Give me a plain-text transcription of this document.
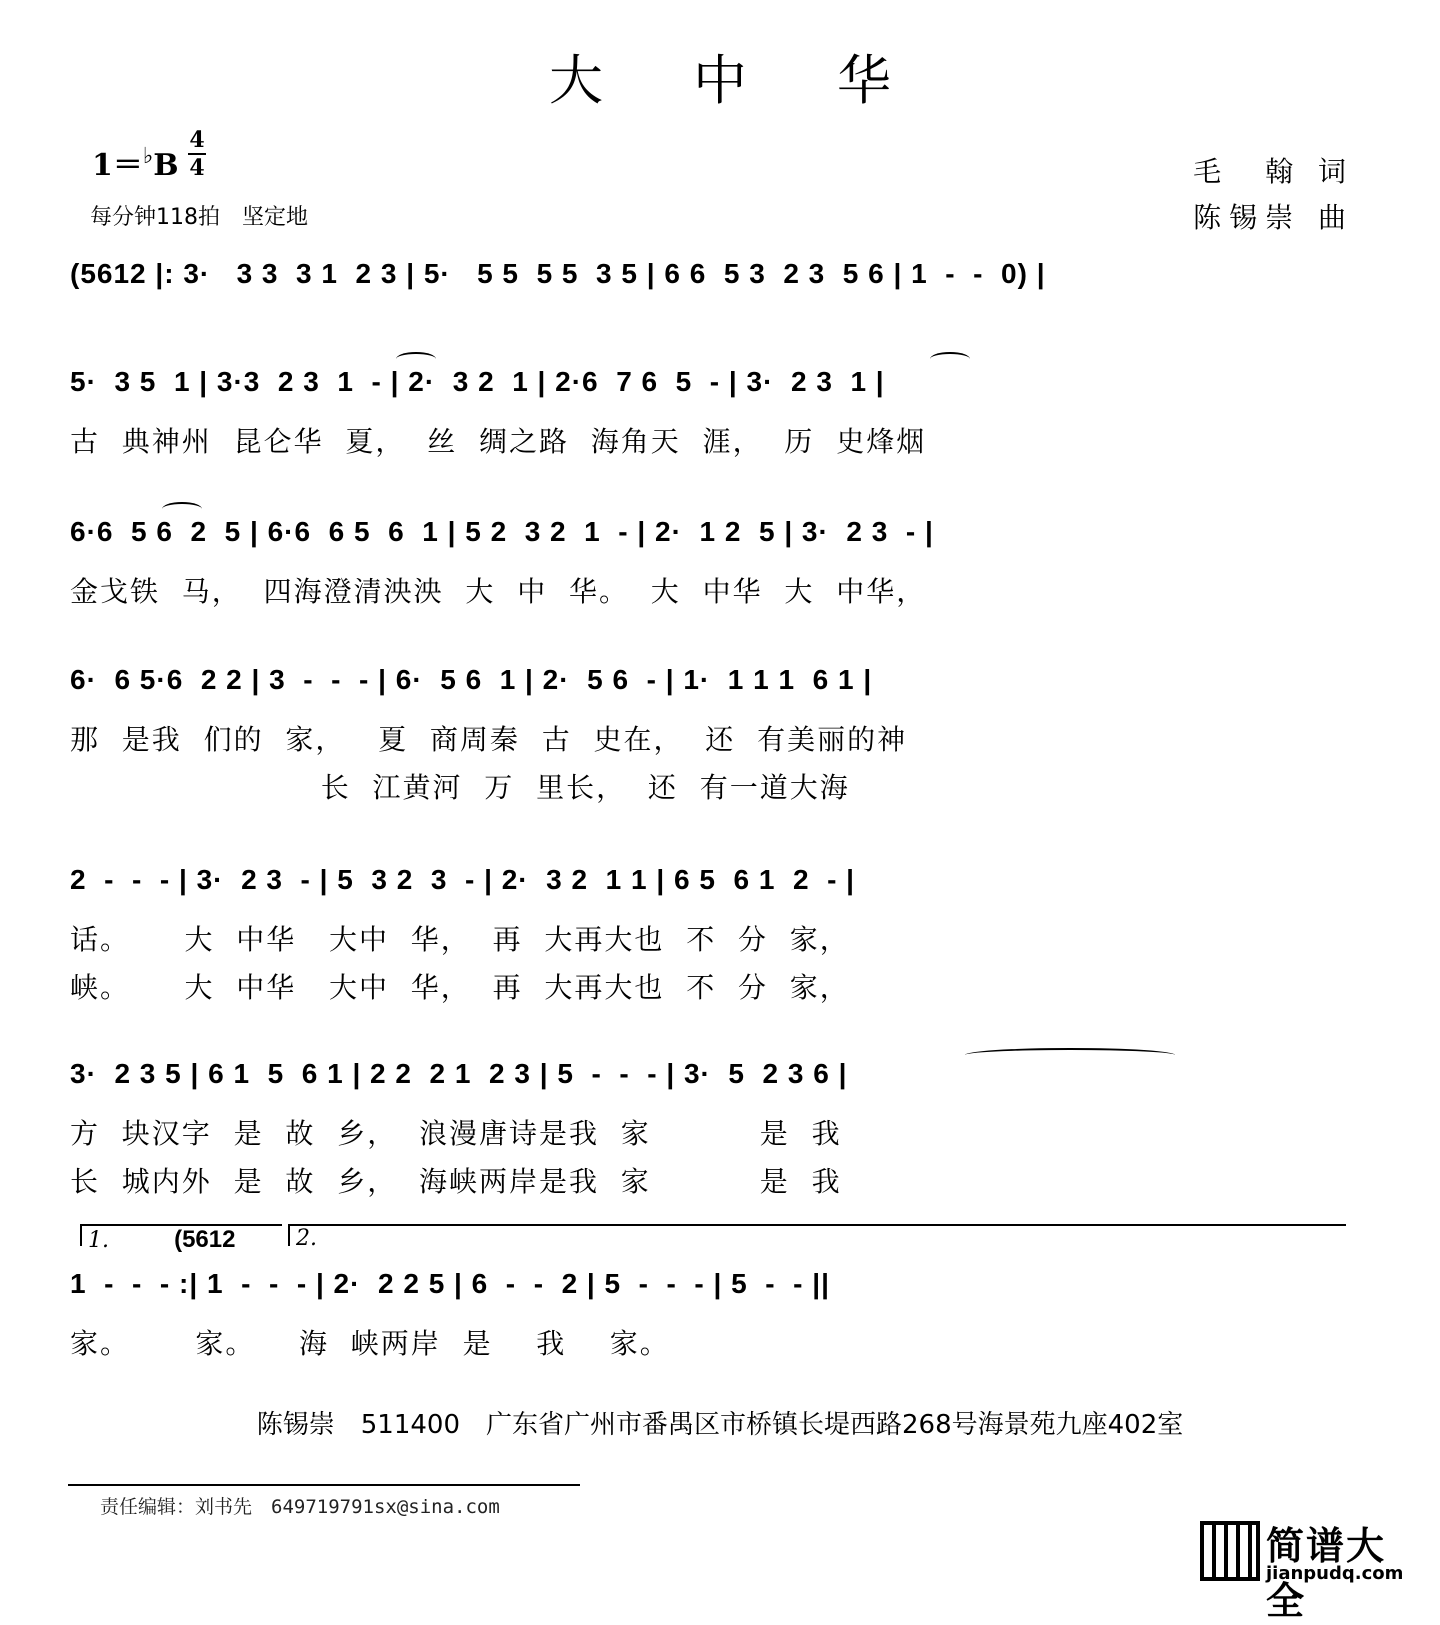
大中华
1＝♭B
4
4
每分钟118拍　坚定地
毛　翰 词
陈锡崇 曲
(5612 |: 3·   3 3  3 1  2 3 | 5·   5 5  5 5  3 5 | 6 6  5 3  2 3  5 6 | 1  -  -  0) |
5·  3 5  1 | 3·3  2 3  1  - | 2·  3 2  1 | 2·6  7 6  5  - | 3·  2 3  1 |
古  典神州  昆仑华  夏，  丝  绸之路  海角天  涯，  历  史烽烟
6·6  5 6  2  5 | 6·6  6 5  6  1 | 5 2  3 2  1  - | 2·  1 2  5 | 3·  2 3  - |
金戈铁  马，  四海澄清泱泱  大  中  华。  大  中华  大  中华，
6·  6 5·6  2 2 | 3  -  -  - | 6·  5 6  1 | 2·  5 6  - | 1·  1 1 1  6 1 |
那  是我  们的  家，   夏  商周秦  古  史在，  还  有美丽的神
长  江黄河  万  里长，  还  有一道大海
2  -  -  - | 3·  2 3  - | 5  3 2  3  - | 2·  3 2  1 1 | 6 5  6 1  2  - |
话。     大  中华   大中  华，  再  大再大也  不  分  家，
峡。     大  中华   大中  华，  再  大再大也  不  分  家，
3·  2 3 5 | 6 1  5  6 1 | 2 2  2 1  2 3 | 5  -  -  - | 3·  5  2 3 6 |
方  块汉字  是  故  乡，  浪漫唐诗是我  家          是  我
长  城内外  是  故  乡，  海峡两岸是我  家          是  我
1.	(5612	2.
1  -  -  - :| 1  -  -  - | 2·  2 2 5 | 6  -  -  2 | 5  -  -  - | 5  -  - ||
家。      家。    海  峡两岸  是    我    家。
陈锡崇　511400　广东省广州市番禺区市桥镇长堤西路268号海景苑九座402室
责任编辑：刘书先　649719791sx@sina.com
简谱大全
jianpudq.com
